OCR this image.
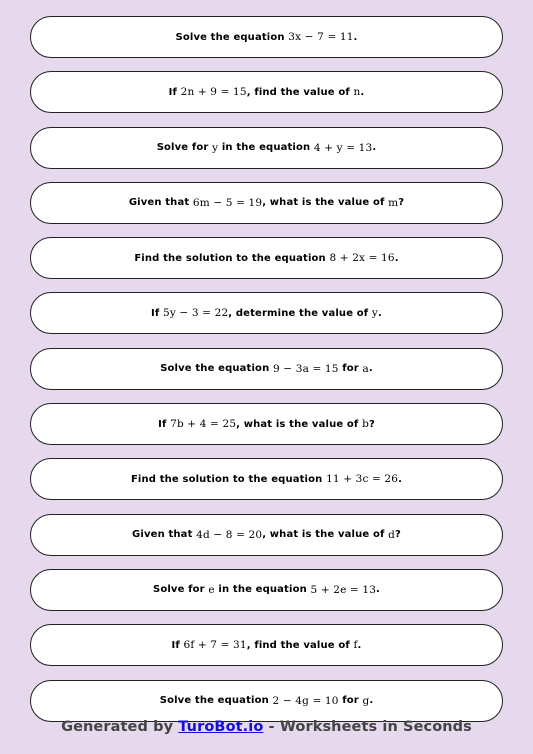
Solve the equation 3x − 7 = 11 .
If 2n + 9 = 15 , find the value of n .
Solve for y in the equation 4 + y = 13 .
Given that 6m − 5 = 19 , what is the value of m ?
Find the solution to the equation 8 + 2x = 16 .
If 5y − 3 = 22 , determine the value of y .
Solve the equation 9 − 3a = 15 for a .
If 7b + 4 = 25 , what is the value of b ?
Find the solution to the equation 11 + 3c = 26 .
Given that 4d − 8 = 20 , what is the value of d ?
Solve for e in the equation 5 + 2e = 13 .
If 6f + 7 = 31 , find the value of f .
Solve the equation 2 − 4g = 10 for g .
Generated by TuroBot.io - Worksheets in Seconds
